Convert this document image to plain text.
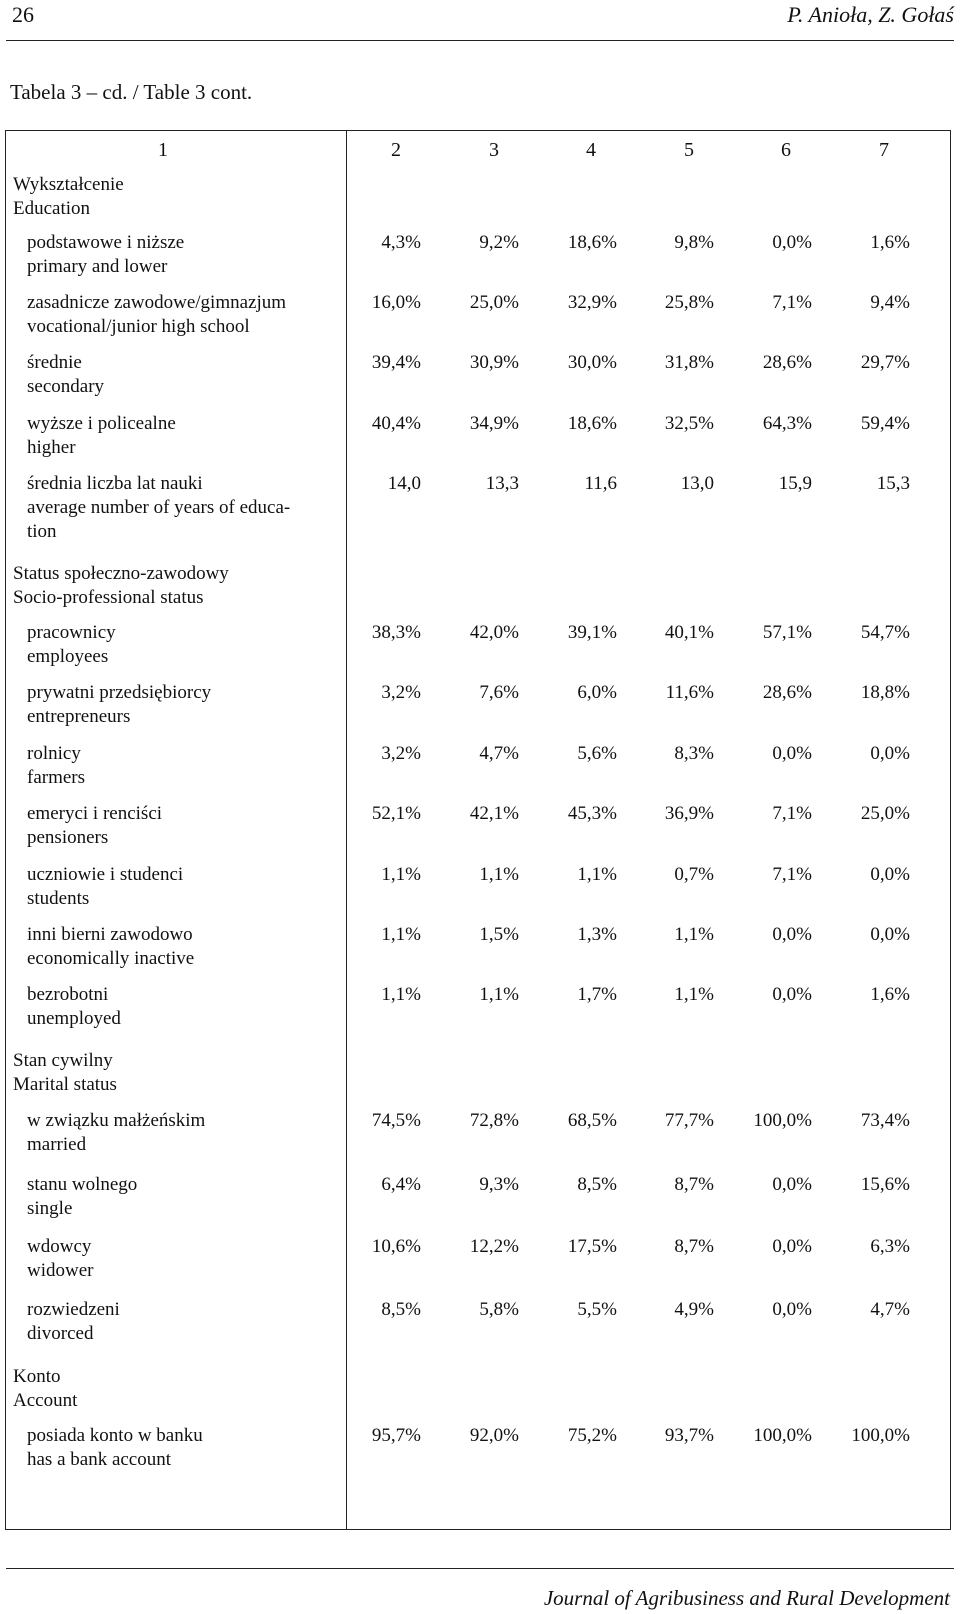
26	P. Anioła, Z. Gołaś
Tabela 3 – cd. / Table 3 cont.
1	2	3	4	5	6	7
Wykształcenie
Education
podstawowe i niższe
primary and lower
4,3%	9,2%	18,6%	9,8%	0,0%	1,6%
zasadnicze zawodowe/gimnazjum
vocational/junior high school
16,0%	25,0%	32,9%	25,8%	7,1%	9,4%
średnie
secondary
39,4%	30,9%	30,0%	31,8%	28,6%	29,7%
wyższe i policealne
higher
40,4%	34,9%	18,6%	32,5%	64,3%	59,4%
średnia liczba lat nauki
average number of years of educa-
tion
14,0	13,3	11,6	13,0	15,9	15,3
Status społeczno-zawodowy
Socio-professional status
pracownicy
employees
38,3%	42,0%	39,1%	40,1%	57,1%	54,7%
prywatni przedsiębiorcy
entrepreneurs
3,2%	7,6%	6,0%	11,6%	28,6%	18,8%
rolnicy
farmers
3,2%	4,7%	5,6%	8,3%	0,0%	0,0%
emeryci i renciści
pensioners
52,1%	42,1%	45,3%	36,9%	7,1%	25,0%
uczniowie i studenci
students
1,1%	1,1%	1,1%	0,7%	7,1%	0,0%
inni bierni zawodowo
economically inactive
1,1%	1,5%	1,3%	1,1%	0,0%	0,0%
bezrobotni
unemployed
1,1%	1,1%	1,7%	1,1%	0,0%	1,6%
Stan cywilny
Marital status
w związku małżeńskim
married
74,5%	72,8%	68,5%	77,7%	100,0%	73,4%
stanu wolnego
single
6,4%	9,3%	8,5%	8,7%	0,0%	15,6%
wdowcy
widower
10,6%	12,2%	17,5%	8,7%	0,0%	6,3%
rozwiedzeni
divorced
8,5%	5,8%	5,5%	4,9%	0,0%	4,7%
Konto
Account
posiada konto w banku
has a bank account
95,7%	92,0%	75,2%	93,7%	100,0%	100,0%
Journal of Agribusiness and Rural Development
